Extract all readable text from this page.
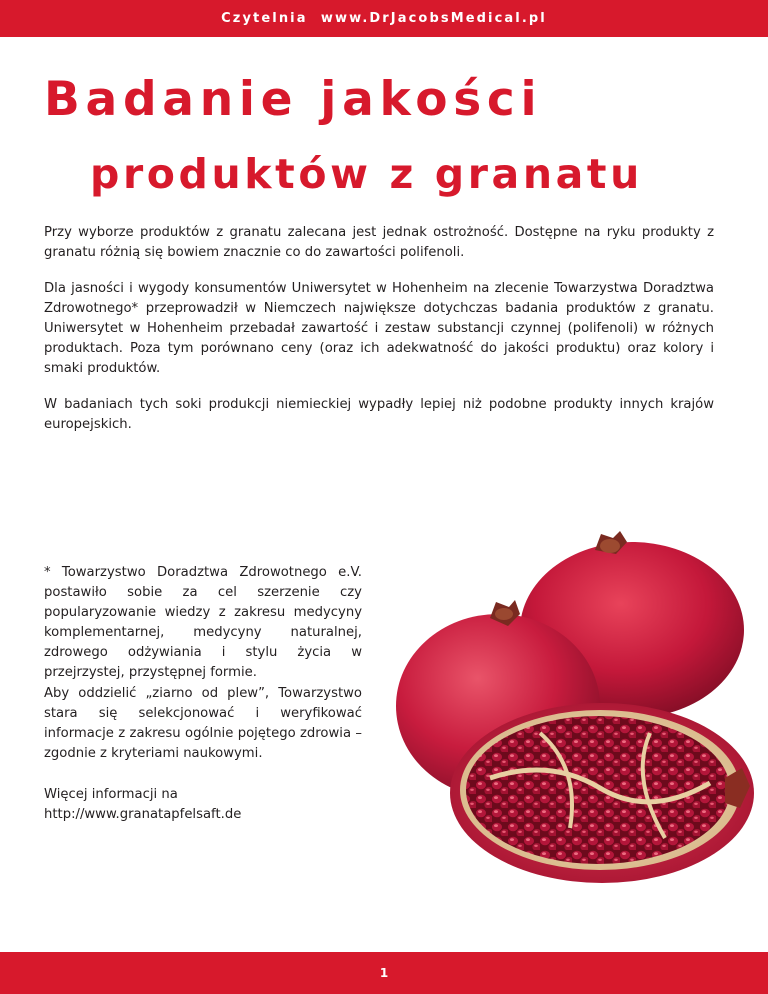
Czytelnia  www.DrJacobsMedical.pl
Badanie jakości
produktów z granatu

Przy wyborze produktów z granatu zalecana jest jednak ostrożność. Dostępne na ryku produkty z granatu różnią się bowiem znacznie co do zawartości polifenoli.

Dla jasności i wygody konsumentów Uniwersytet w Hohenheim na zlecenie Towarzystwa Doradztwa Zdrowotnego* przeprowadził w Niemczech największe dotychczas badania produktów z granatu. Uniwersytet w Hohenheim przebadał zawartość i zestaw substancji czynnej (polifenoli) w różnych produktach. Poza tym porównano ceny (oraz ich adekwatność do jakości produktu) oraz kolory i smaki produktów.

W badaniach tych soki produkcji niemieckiej wypadły lepiej niż podobne produkty innych krajów europejskich.

* Towarzystwo Doradztwa Zdrowotnego e.V. postawiło sobie za cel szerzenie czy popularyzowanie wiedzy z zakresu medycyny komplementarnej, medycyny naturalnej, zdrowego odżywiania i stylu życia w przejrzystej, przystępnej formie.

Aby oddzielić „ziarno od plew”, Towarzystwo stara się selekcjonować i weryfikować informacje z zakresu ogólnie pojętego zdrowia – zgodnie z kryteriami naukowymi.

Więcej informacji na
http://www.granatapfelsaft.de

1
